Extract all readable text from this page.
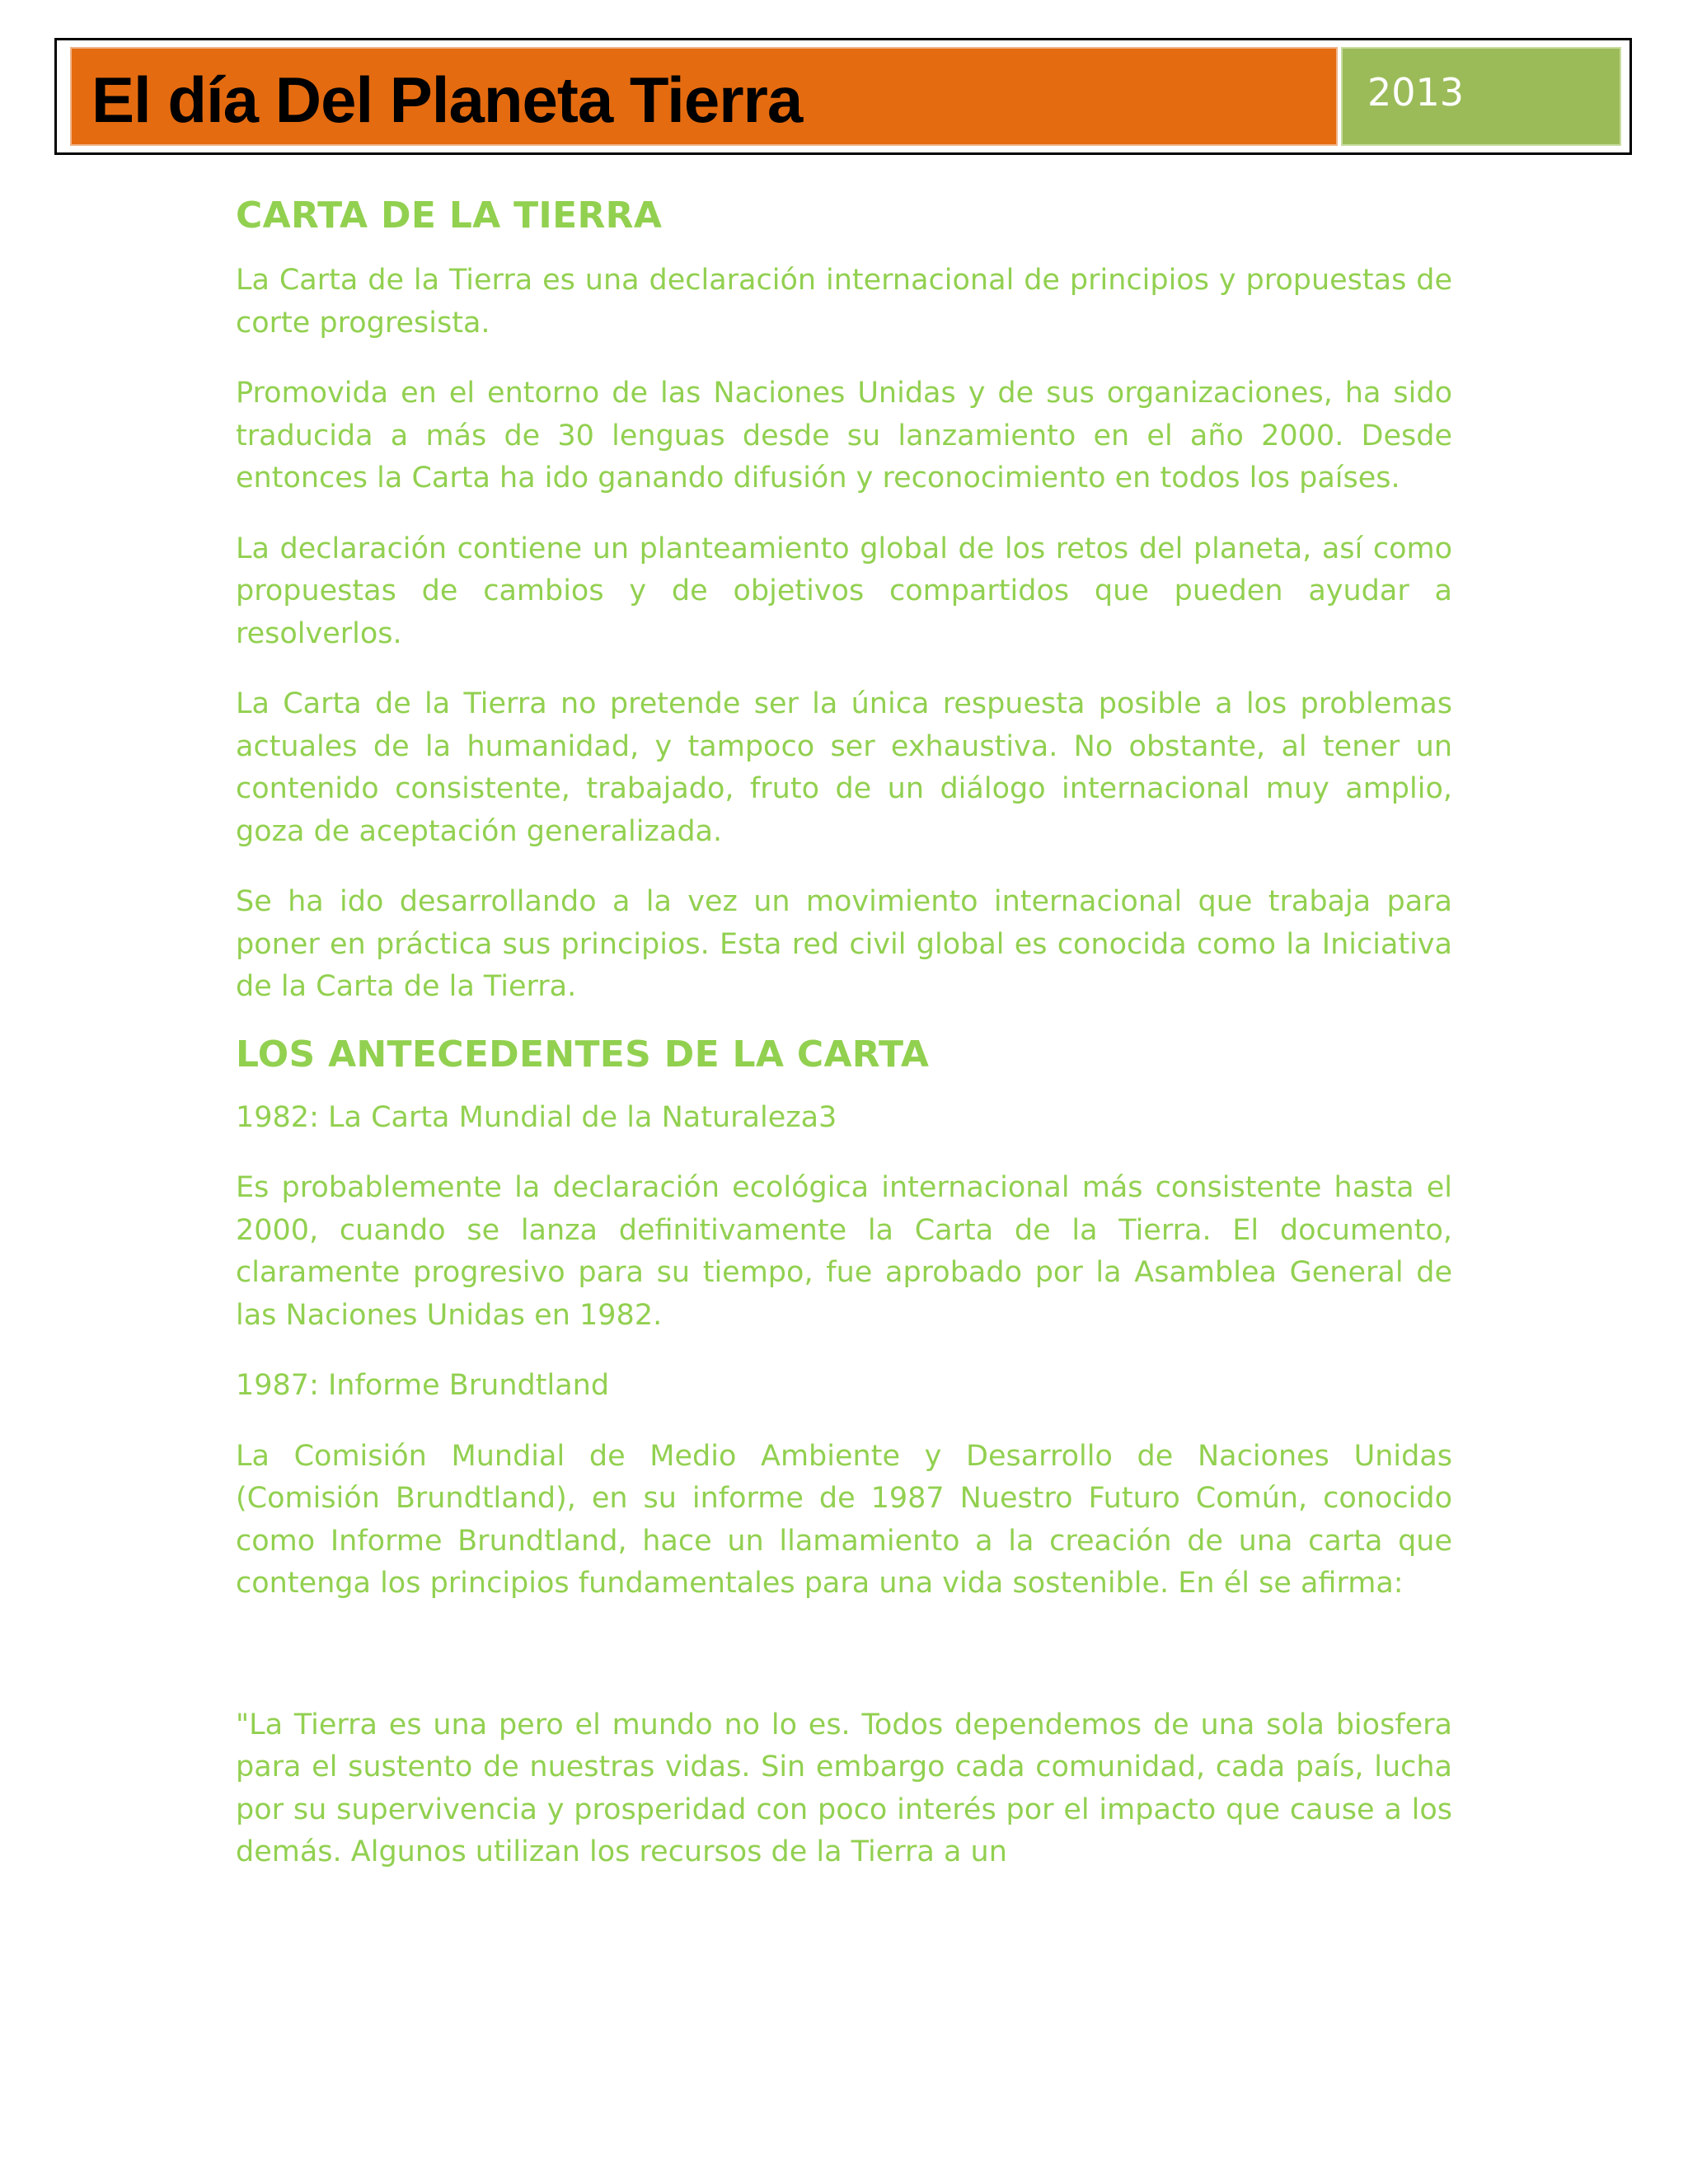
El día Del Planeta Tierra	2013
CARTA DE LA TIERRA

La Carta de la Tierra es una declaración internacional de principios y propuestas de corte progresista.

Promovida en el entorno de las Naciones Unidas y de sus organizaciones, ha sido traducida a más de 30 lenguas desde su lanzamiento en el año 2000. Desde entonces la Carta ha ido ganando difusión y reconocimiento en todos los países.

La declaración contiene un planteamiento global de los retos del planeta, así como propuestas de cambios y de objetivos compartidos que pueden ayudar a resolverlos.

La Carta de la Tierra no pretende ser la única respuesta posible a los problemas actuales de la humanidad, y tampoco ser exhaustiva. No obstante, al tener un contenido consistente, trabajado, fruto de un diálogo internacional muy amplio, goza de aceptación generalizada.

Se ha ido desarrollando a la vez un movimiento internacional que trabaja para poner en práctica sus principios. Esta red civil global es conocida como la Iniciativa de la Carta de la Tierra.

LOS ANTECEDENTES DE LA CARTA

1982: La Carta Mundial de la Naturaleza3

Es probablemente la declaración ecológica internacional más consistente hasta el 2000, cuando se lanza definitivamente la Carta de la Tierra. El documento, claramente progresivo para su tiempo, fue aprobado por la Asamblea General de las Naciones Unidas en 1982.

1987: Informe Brundtland

La Comisión Mundial de Medio Ambiente y Desarrollo de Naciones Unidas (Comisión Brundtland), en su informe de 1987 Nuestro Futuro Común, conocido como Informe Brundtland, hace un llamamiento a la creación de una carta que contenga los principios fundamentales para una vida sostenible. En él se afirma:

"La Tierra es una pero el mundo no lo es. Todos dependemos de una sola biosfera para el sustento de nuestras vidas. Sin embargo cada comunidad, cada país, lucha por su supervivencia y prosperidad con poco interés por el impacto que cause a los demás. Algunos utilizan los recursos de la Tierra a un
